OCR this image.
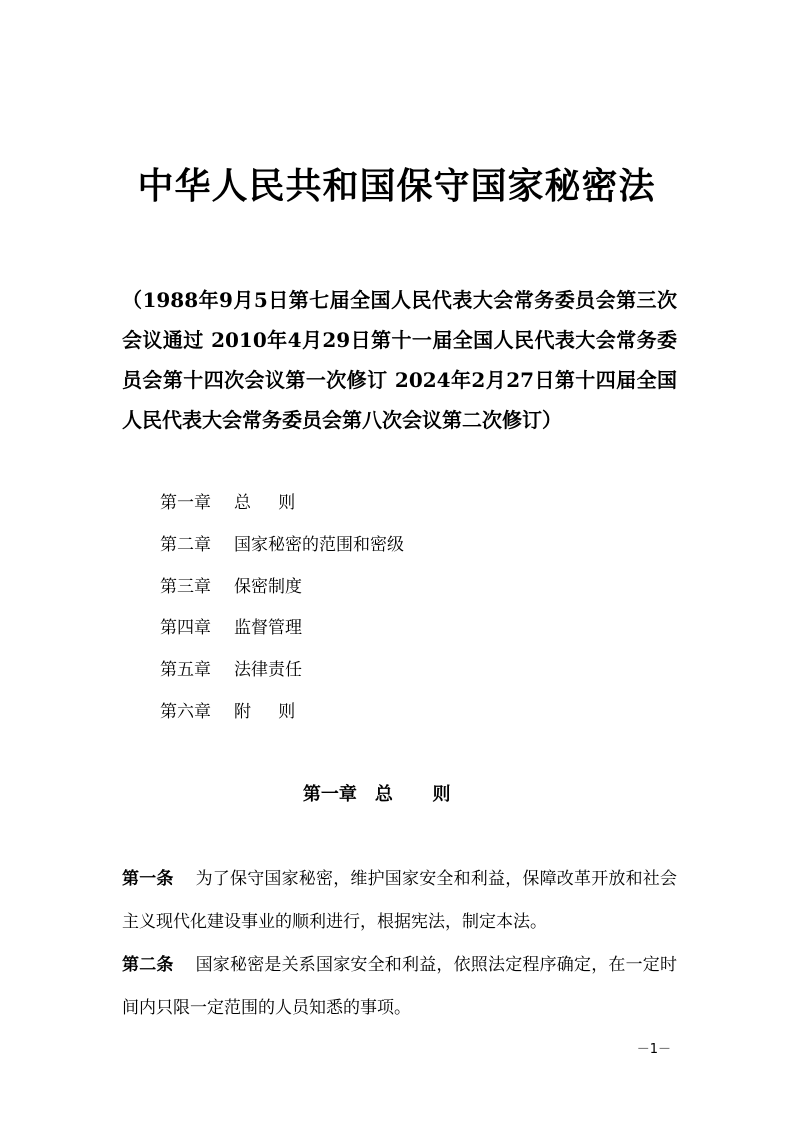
中华人民共和国保守国家秘密法

（1988年9月5日第七届全国人民代表大会常务委员会第三次会议通过 2010年4月29日第十一届全国人民代表大会常务委员会第十四次会议第一次修订 2024年2月27日第十四届全国人民代表大会常务委员会第八次会议第二次修订）

第一章 总则
第二章 国家秘密的范围和密级
第三章 保密制度
第四章 监督管理
第五章 法律责任
第六章 附则
第一章 总则

第一条 为了保守国家秘密，维护国家安全和利益，保障改革开放和社会主义现代化建设事业的顺利进行，根据宪法，制定本法。

第二条 国家秘密是关系国家安全和利益，依照法定程序确定，在一定时间内只限一定范围的人员知悉的事项。

－1－
